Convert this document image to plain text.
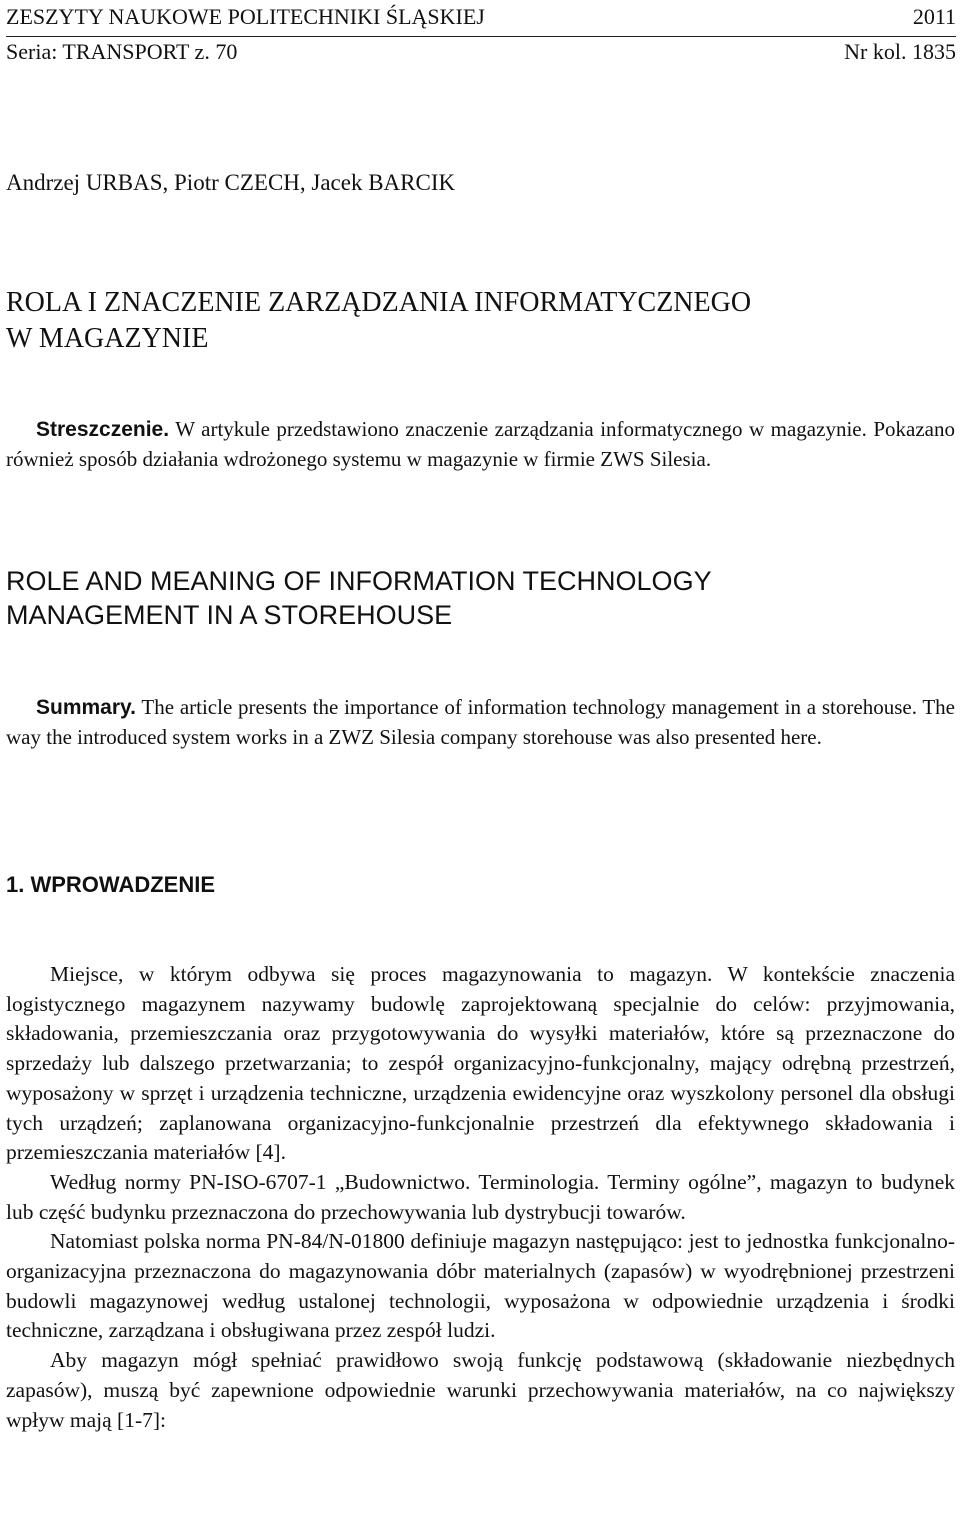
ZESZYTY NAUKOWE POLITECHNIKI ŚLĄSKIEJ	2011
Seria: TRANSPORT z. 70	Nr kol. 1835
Andrzej URBAS, Piotr CZECH, Jacek BARCIK
ROLA I ZNACZENIE ZARZĄDZANIA INFORMATYCZNEGO
W MAGAZYNIE
Streszczenie. W artykule przedstawiono znaczenie zarządzania informatycznego w magazynie. Pokazano również sposób działania wdrożonego systemu w magazynie w firmie ZWS Silesia.
ROLE AND MEANING OF INFORMATION TECHNOLOGY
MANAGEMENT IN A STOREHOUSE
Summary. The article presents the importance of information technology management in a storehouse. The way the introduced system works in a ZWZ Silesia company storehouse was also presented here.
1. WPROWADZENIE

Miejsce, w którym odbywa się proces magazynowania to magazyn. W kontekście znaczenia logistycznego magazynem nazywamy budowlę zaprojektowaną specjalnie do celów: przyjmowania, składowania, przemieszczania oraz przygotowywania do wysyłki materiałów, które są przeznaczone do sprzedaży lub dalszego przetwarzania; to zespół organizacyjno-funkcjonalny, mający odrębną przestrzeń, wyposażony w sprzęt i urządzenia techniczne, urządzenia ewidencyjne oraz wyszkolony personel dla obsługi tych urządzeń; zaplanowana organizacyjno-funkcjonalnie przestrzeń dla efektywnego składowania i przemieszczania materiałów [4].

Według normy PN-ISO-6707-1 „Budownictwo. Terminologia. Terminy ogólne”, magazyn to budynek lub część budynku przeznaczona do przechowywania lub dystrybucji towarów.

Natomiast polska norma PN-84/N-01800 definiuje magazyn następująco: jest to jednostka funkcjonalno-organizacyjna przeznaczona do magazynowania dóbr materialnych (zapasów) w wyodrębnionej przestrzeni budowli magazynowej według ustalonej technologii, wyposażona w odpowiednie urządzenia i środki techniczne, zarządzana i obsługiwana przez zespół ludzi.

Aby magazyn mógł spełniać prawidłowo swoją funkcję podstawową (składowanie niezbędnych zapasów), muszą być zapewnione odpowiednie warunki przechowywania materiałów, na co największy wpływ mają [1-7]:
